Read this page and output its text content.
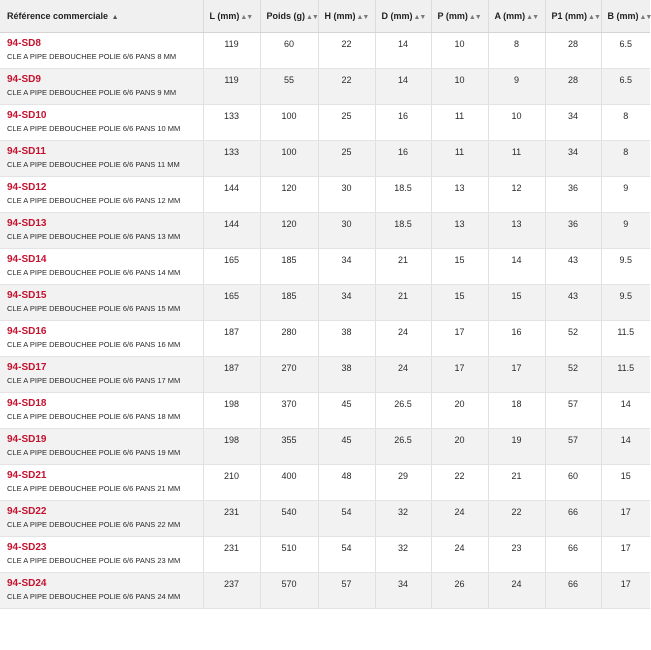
Référence commerciale ▲	L (mm)▲▼	Poids (g)▲▼	H (mm)▲▼	D (mm)▲▼	P (mm)▲▼	A (mm)▲▼	P1 (mm)▲▼	B (mm)▲▼

94-SD8
CLE A PIPE DEBOUCHEE POLIE 6/6 PANS 8 MM	119	60	22	14	10	8	28	6.5

94-SD9
CLE A PIPE DEBOUCHEE POLIE 6/6 PANS 9 MM	119	55	22	14	10	9	28	6.5

94-SD10
CLE A PIPE DEBOUCHEE POLIE 6/6 PANS 10 MM	133	100	25	16	11	10	34	8

94-SD11
CLE A PIPE DEBOUCHEE POLIE 6/6 PANS 11 MM	133	100	25	16	11	11	34	8

94-SD12
CLE A PIPE DEBOUCHEE POLIE 6/6 PANS 12 MM	144	120	30	18.5	13	12	36	9

94-SD13
CLE A PIPE DEBOUCHEE POLIE 6/6 PANS 13 MM	144	120	30	18.5	13	13	36	9

94-SD14
CLE A PIPE DEBOUCHEE POLIE 6/6 PANS 14 MM	165	185	34	21	15	14	43	9.5

94-SD15
CLE A PIPE DEBOUCHEE POLIE 6/6 PANS 15 MM	165	185	34	21	15	15	43	9.5

94-SD16
CLE A PIPE DEBOUCHEE POLIE 6/6 PANS 16 MM	187	280	38	24	17	16	52	11.5

94-SD17
CLE A PIPE DEBOUCHEE POLIE 6/6 PANS 17 MM	187	270	38	24	17	17	52	11.5

94-SD18
CLE A PIPE DEBOUCHEE POLIE 6/6 PANS 18 MM	198	370	45	26.5	20	18	57	14

94-SD19
CLE A PIPE DEBOUCHEE POLIE 6/6 PANS 19 MM	198	355	45	26.5	20	19	57	14

94-SD21
CLE A PIPE DEBOUCHEE POLIE 6/6 PANS 21 MM	210	400	48	29	22	21	60	15

94-SD22
CLE A PIPE DEBOUCHEE POLIE 6/6 PANS 22 MM	231	540	54	32	24	22	66	17

94-SD23
CLE A PIPE DEBOUCHEE POLIE 6/6 PANS 23 MM	231	510	54	32	24	23	66	17

94-SD24
CLE A PIPE DEBOUCHEE POLIE 6/6 PANS 24 MM	237	570	57	34	26	24	66	17
